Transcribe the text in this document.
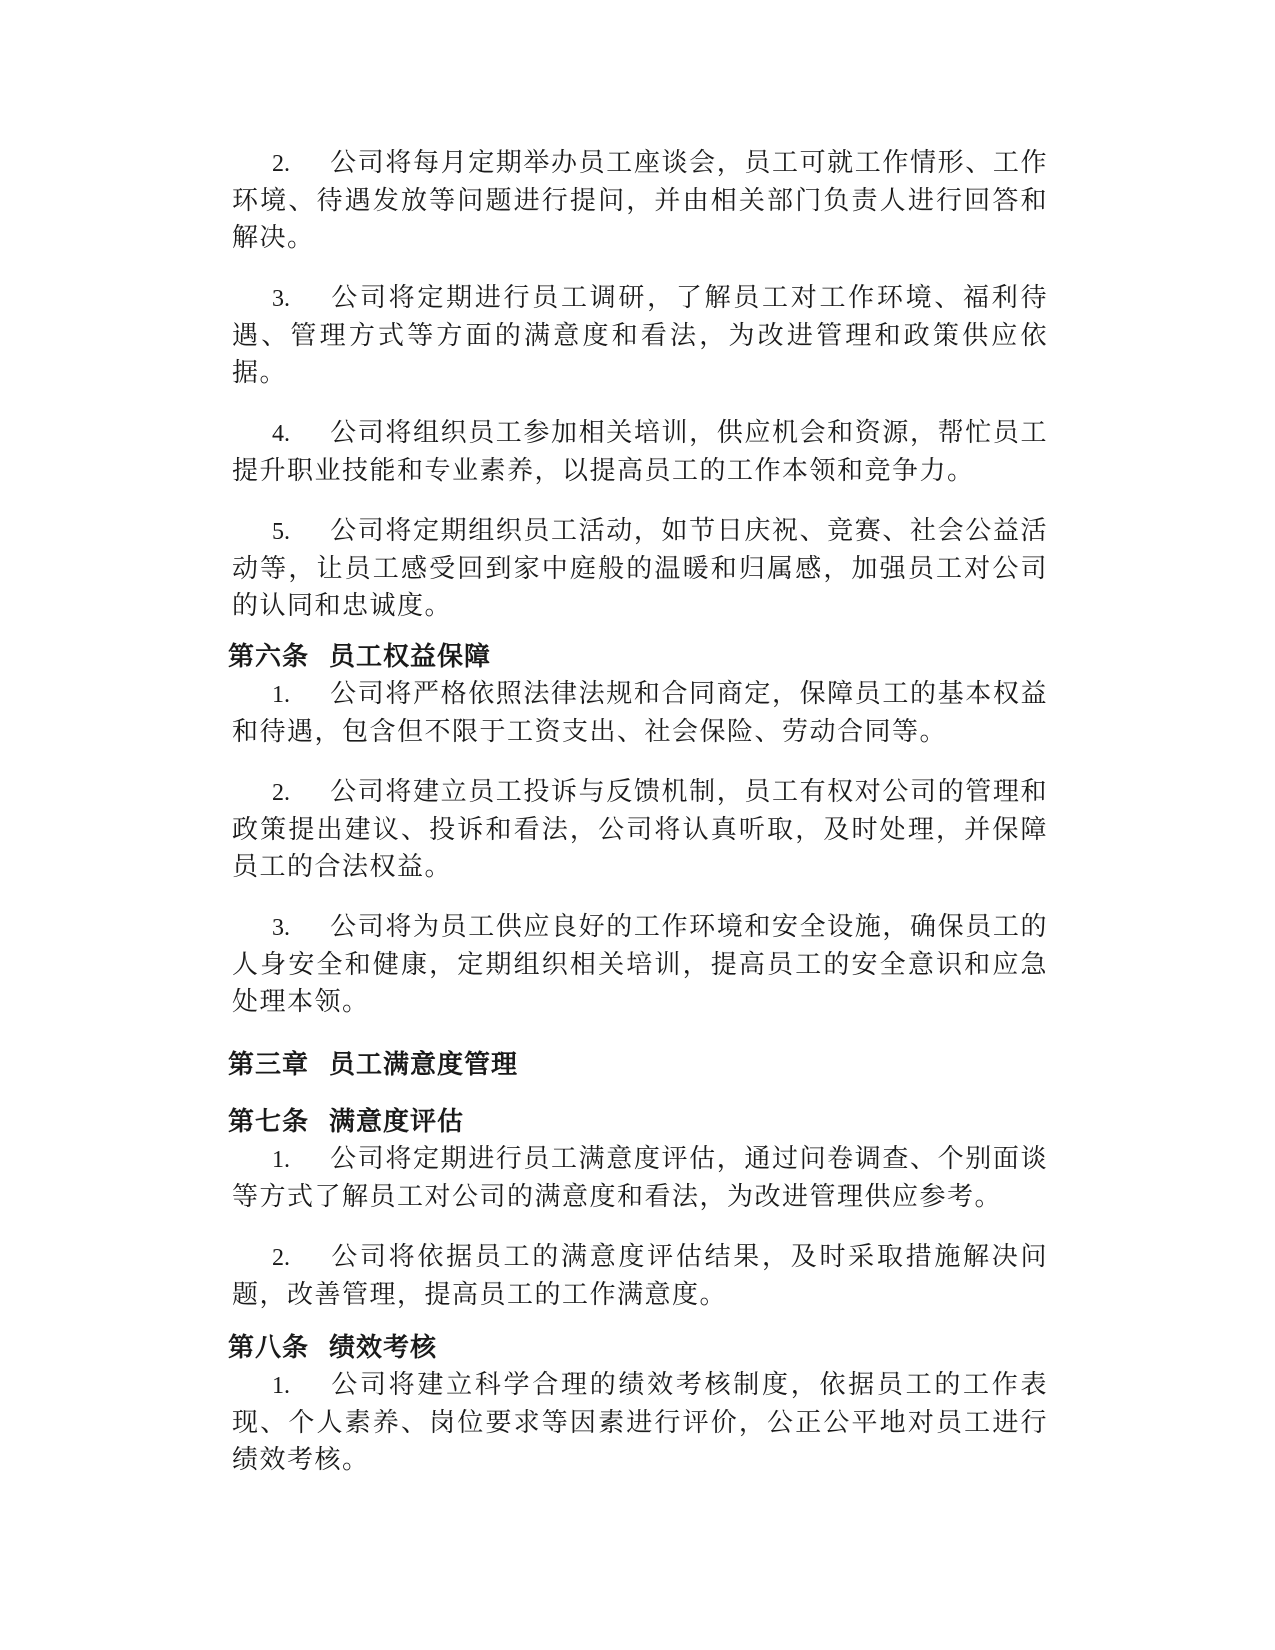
2. 公司将每月定期举办员工座谈会，员工可就工作情形、工作环境、待遇发放等问题进行提问，并由相关部门负责人进行回答和解决。

3. 公司将定期进行员工调研，了解员工对工作环境、福利待遇、管理方式等方面的满意度和看法，为改进管理和政策供应依据。

4. 公司将组织员工参加相关培训，供应机会和资源，帮忙员工提升职业技能和专业素养，以提高员工的工作本领和竞争力。

5. 公司将定期组织员工活动，如节日庆祝、竞赛、社会公益活动等，让员工感受回到家中庭般的温暖和归属感，加强员工对公司的认同和忠诚度。

第六条 员工权益保障

1. 公司将严格依照法律法规和合同商定，保障员工的基本权益和待遇，包含但不限于工资支出、社会保险、劳动合同等。

2. 公司将建立员工投诉与反馈机制，员工有权对公司的管理和政策提出建议、投诉和看法，公司将认真听取，及时处理，并保障员工的合法权益。

3. 公司将为员工供应良好的工作环境和安全设施，确保员工的人身安全和健康，定期组织相关培训，提高员工的安全意识和应急处理本领。

第三章 员工满意度管理
第七条 满意度评估

1. 公司将定期进行员工满意度评估，通过问卷调查、个别面谈等方式了解员工对公司的满意度和看法，为改进管理供应参考。

2. 公司将依据员工的满意度评估结果，及时采取措施解决问题，改善管理，提高员工的工作满意度。

第八条 绩效考核

1. 公司将建立科学合理的绩效考核制度，依据员工的工作表现、个人素养、岗位要求等因素进行评价，公正公平地对员工进行绩效考核。
